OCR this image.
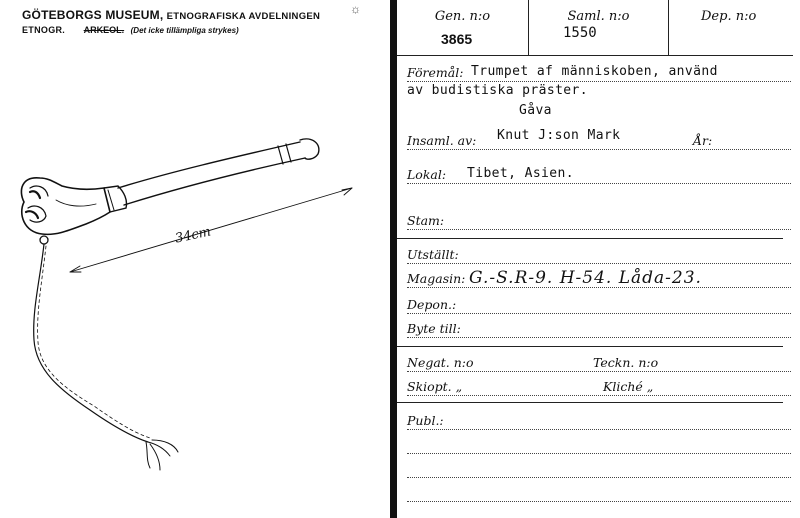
GÖTEBORGS MUSEUM, ETNOGRAFISKA AVDELNINGEN
ETNOGR. ARKEOL. (Det icke tillämpliga strykes)
☼
34cm
Gen. n:o
3865
Saml. n:o
1550
Dep. n:o
Föremål: Trumpet af människoben, använd
av budistiska präster.
Gåva
Insaml. av: Knut J:son Mark	År:
Lokal: Tibet, Asien.
Stam:
Utställt:
Magasin: G.-S.R-9. H-54. Låda-23.
Depon.:
Byte till:
Negat. n:o	Teckn. n:o
Skiopt. „	Kliché „
Publ.:
